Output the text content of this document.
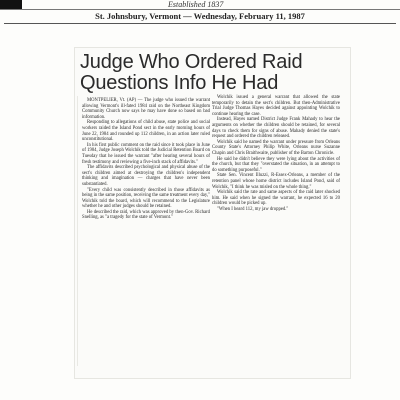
Established 1837
St. Johnsbury, Vermont — Wednesday, February 11, 1987
Judge Who Ordered Raid
Questions Info He Had

MONTPELIER, Vt. (AP) — The judge who issued the warrant allowing Vermont's ill-fated 1984 raid on the Northeast Kingdom Community Church now says he may have done so based on bad information.

Responding to allegations of child abuse, state police and social workers raided the Island Pond sect in the early morning hours of June 22, 1984 and rounded up 112 children, in an action later ruled unconstitutional.

In his first public comment on the raid since it took place in June of 1984, Judge Joseph Wolchik told the Judicial Retention Board on Tuesday that he issued the warrant "after hearing several hours of fresh testimony and reviewing a five-inch stack of affidavits."

The affidavits described psychological and physical abuse of the sect's children aimed at destroying the children's independent thinking and imagination — charges that have never been substantiated.

"Every child was consistently described in those affidavits as being in the same position, receiving the same treatment every day," Wolchik told the board, which will recommend to the Legislature whether he and other judges should be retained.

He described the raid, which was approved by then-Gov. Richard Snelling, as "a tragedy for the state of Vermont."

Wolchik issued a general warrant that allowed the state temporarily to detain the sect's children. But then-Administrative Trial Judge Thomas Hayes decided against appointing Wolchik to continue hearing the case.

Instead, Hayes named District Judge Frank Mahady to hear the arguments on whether the children should be retained, for several days to check them for signs of abuse. Mahady denied the state's request and ordered the children released.

Wolchik said he named the warrant under pressure from Orleans County State's Attorney Philip White, Orleans nurse Suzanne Chapin and Chris Braithwaite, publisher of the Barton Chronicle.

He said he didn't believe they were lying about the activities of the church, but that they "overstated the situation, in an attempt to do something purposeful."

State Sen. Vincent Illuzzi, R-Essex-Orleans, a member of the retention panel whose home district includes Island Pond, said of Wolchik, "I think he was misled on the whole thing."

Wolchik said the rate and same aspects of the raid later shocked him. He said when he signed the warrant, he expected 16 to 20 children would be picked up.

"When I heard 112, my jaw dropped."
